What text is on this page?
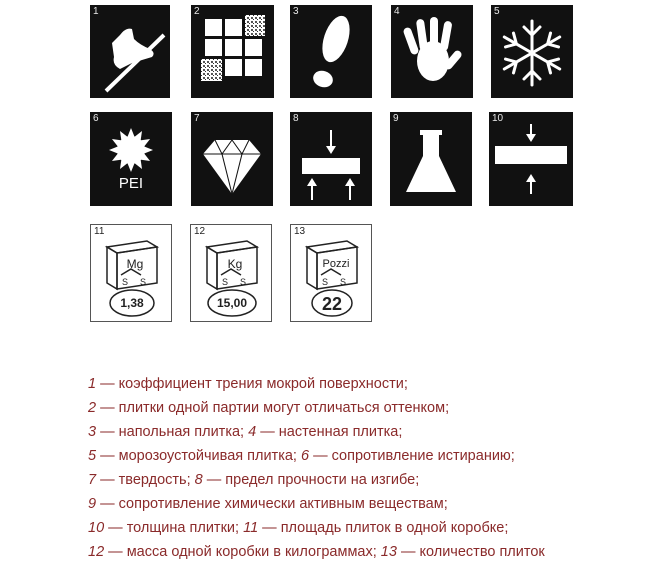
1	2	3	4	5
6
PEI
7	8	9	10
11
Mg
S S
1,38
12
Kg
S S
15,00
13
Pozzi
S S
22
1 — коэффициент трения мокрой поверхности;
2 — плитки одной партии могут отличаться оттенком;
3 — напольная плитка; 4 — настенная плитка;
5 — морозоустойчивая плитка; 6 — сопротивление истиранию;
7 — твердость; 8 — предел прочности на изгибе;
9 — сопротивление химически активным веществам;
10 — толщина плитки; 11 — площадь плиток в одной коробке;
12 — масса одной коробки в килограммах; 13 — количество плиток
